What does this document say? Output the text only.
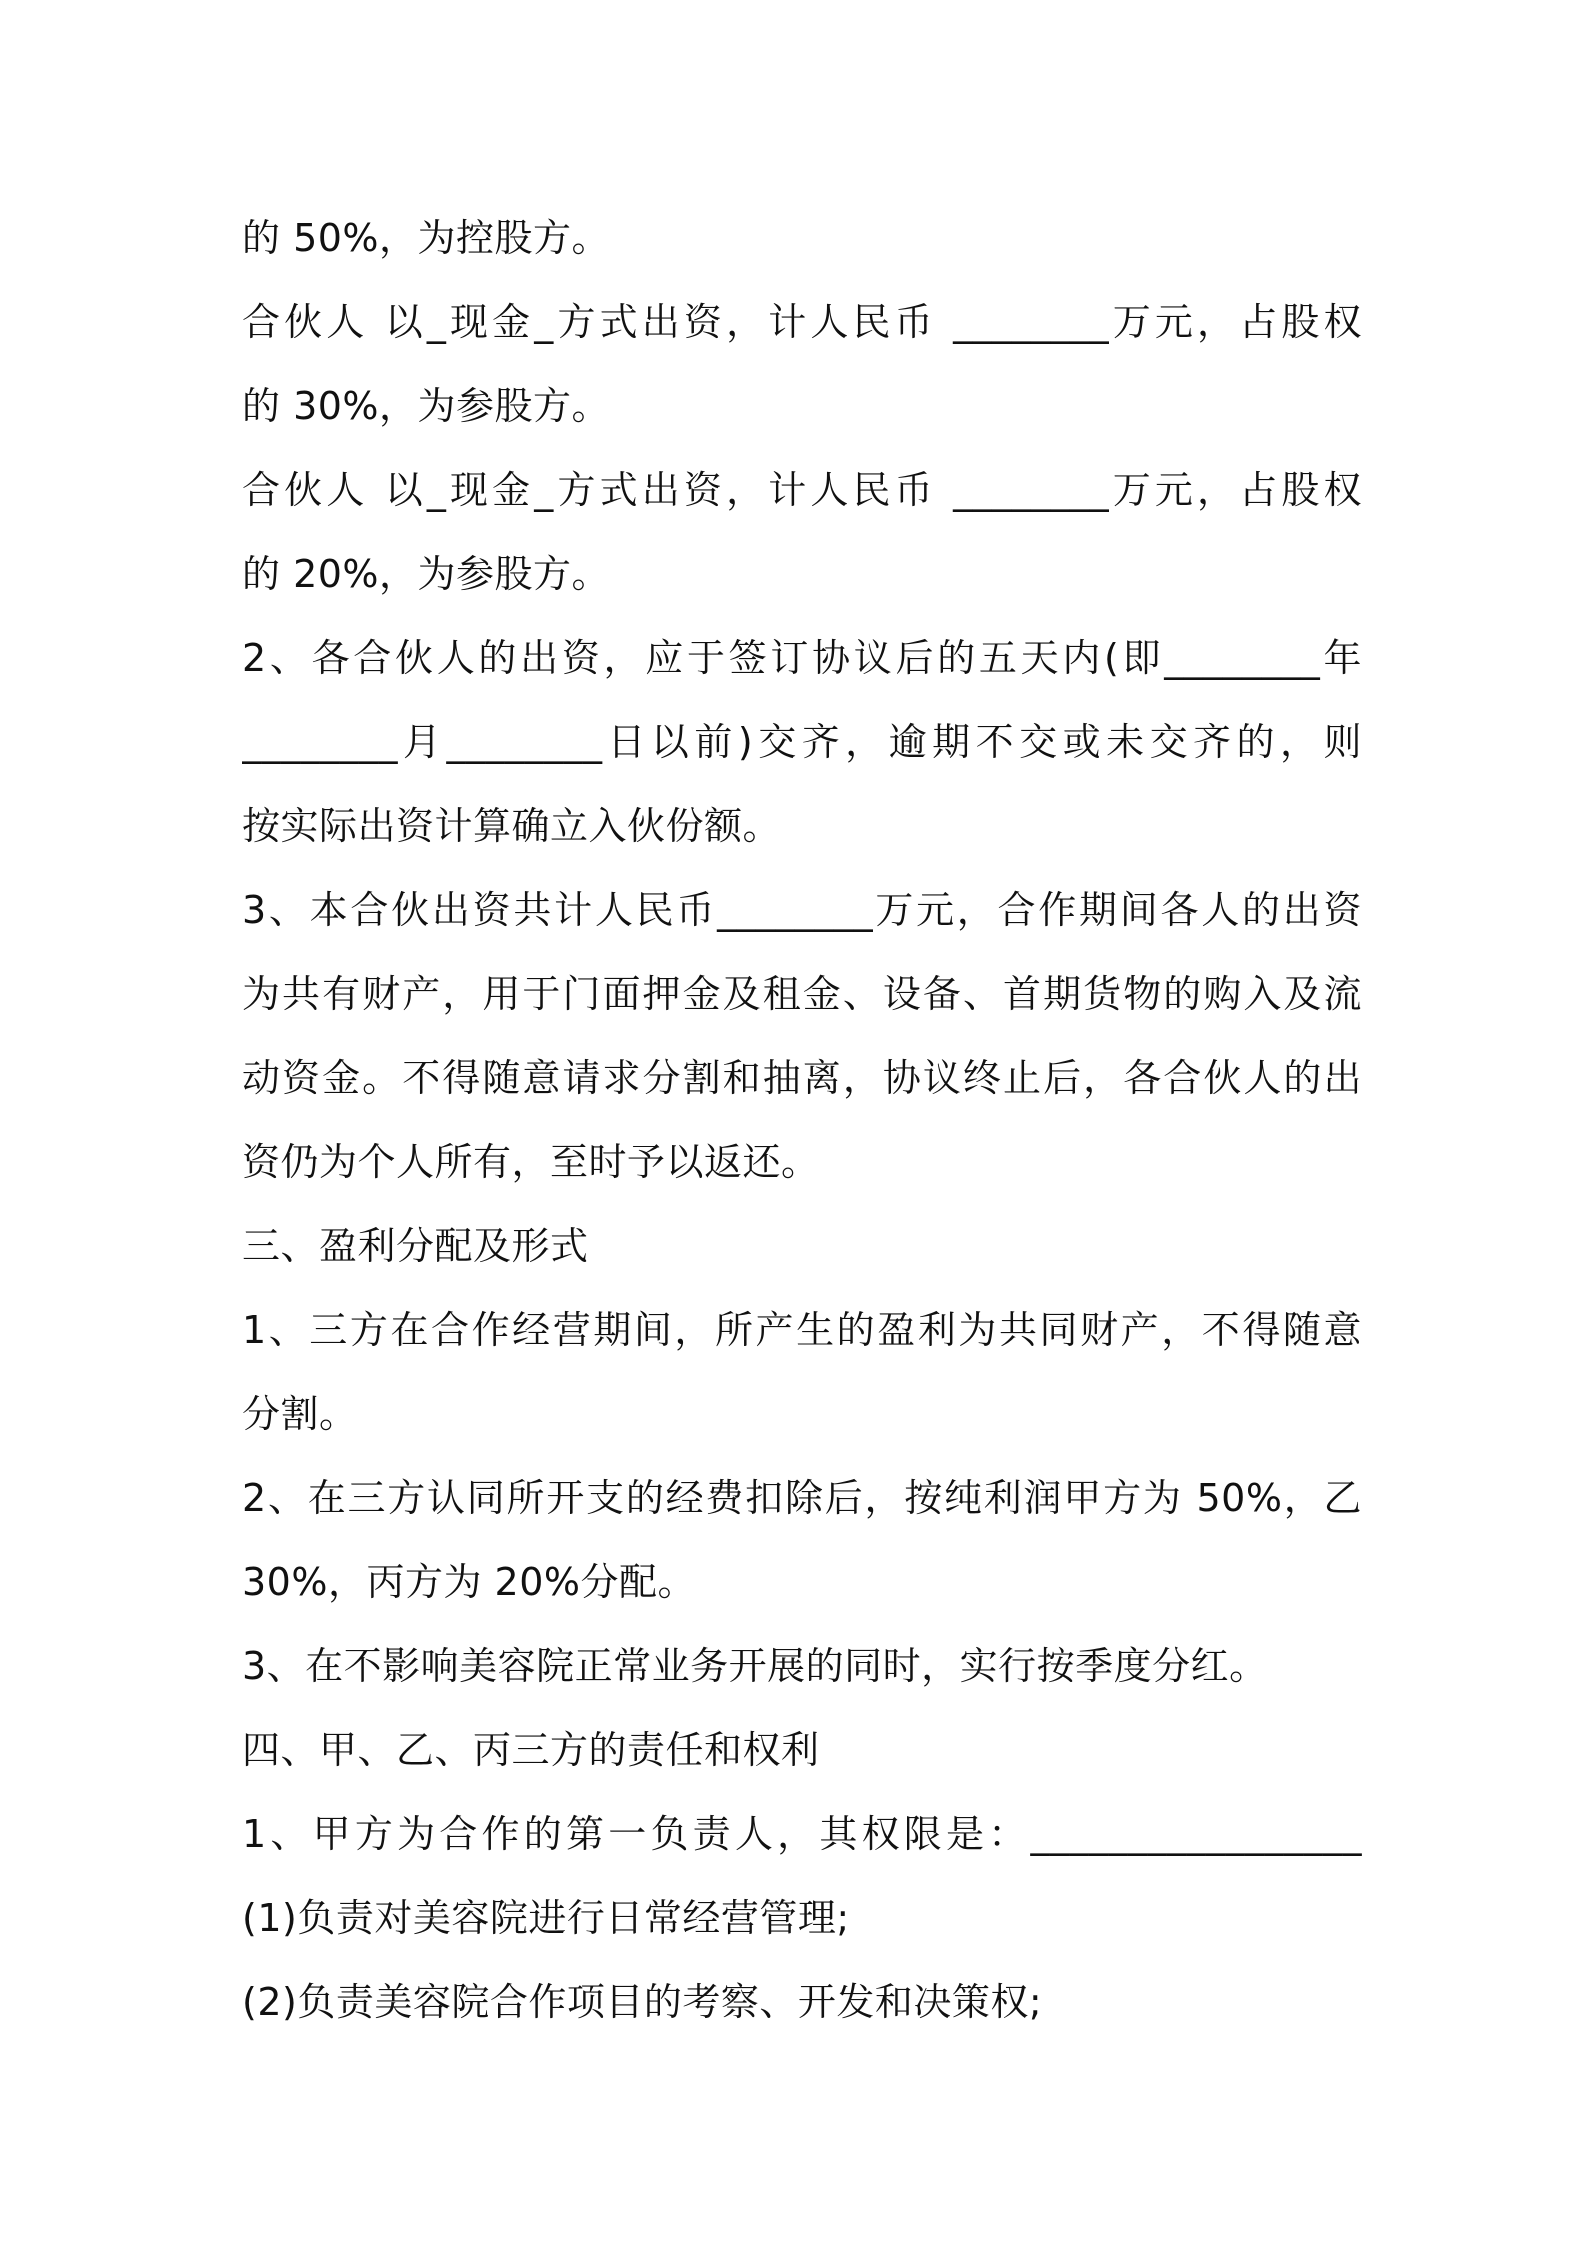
的 50%，为控股方。
合伙人 以_现金_方式出资，计人民币 ________万元，占股权
的 30%，为参股方。
合伙人 以_现金_方式出资，计人民币 ________万元，占股权
的 20%，为参股方。
2、各合伙人的出资，应于签订协议后的五天内(即________年
________月________日以前)交齐，逾期不交或未交齐的，则
按实际出资计算确立入伙份额。
3、本合伙出资共计人民币________万元，合作期间各人的出资
为共有财产，用于门面押金及租金、设备、首期货物的购入及流
动资金。不得随意请求分割和抽离，协议终止后，各合伙人的出
资仍为个人所有，至时予以返还。
三、盈利分配及形式
1、三方在合作经营期间，所产生的盈利为共同财产，不得随意
分割。
2、在三方认同所开支的经费扣除后，按纯利润甲方为 50%，乙
30%，丙方为 20%分配。
3、在不影响美容院正常业务开展的同时，实行按季度分红。
四、甲、乙、丙三方的责任和权利
1、甲方为合作的第一负责人，其权限是：_________________
(1)负责对美容院进行日常经营管理;
(2)负责美容院合作项目的考察、开发和决策权;
